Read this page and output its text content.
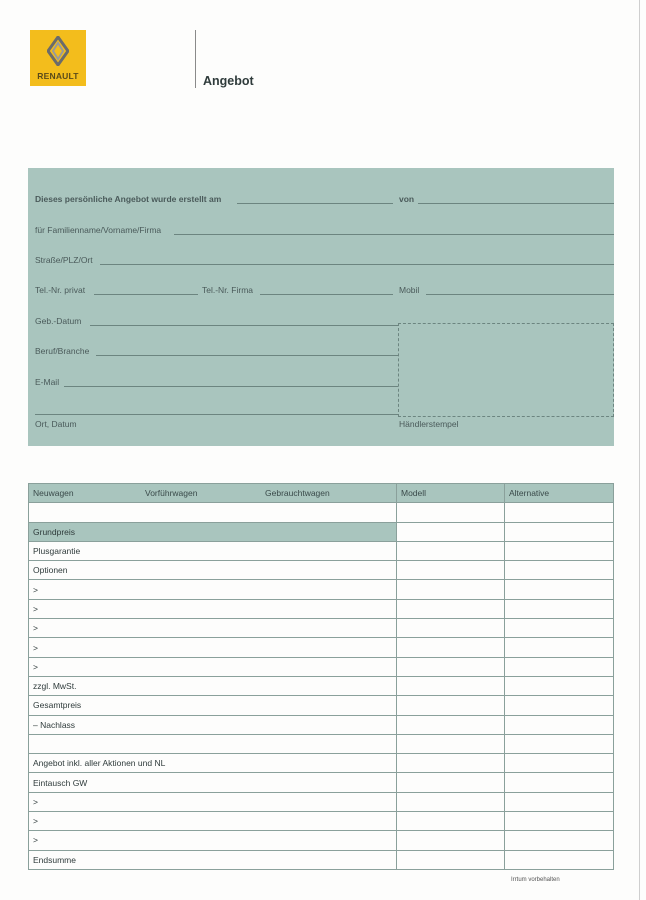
RENAULT	Angebot
Dieses persönliche Angebot wurde erstellt am	von
für Familienname/Vorname/Firma
Straße/PLZ/Ort
Tel.-Nr. privat	Tel.-Nr. Firma	Mobil
Geb.-Datum
Beruf/Branche
E-Mail
Ort, Datum	Händlerstempel
Neuwagen Vorführwagen Gebrauchtwagen	Modell	Alternative

Grundpreis		
Plusgarantie		
Optionen		
>		
>		
>		
>		
>		
zzgl. MwSt.		
Gesamtpreis		
– Nachlass		

Angebot inkl. aller Aktionen und NL		
Eintausch GW		
>		
>		
>		
Endsumme		
Irrtum vorbehalten
